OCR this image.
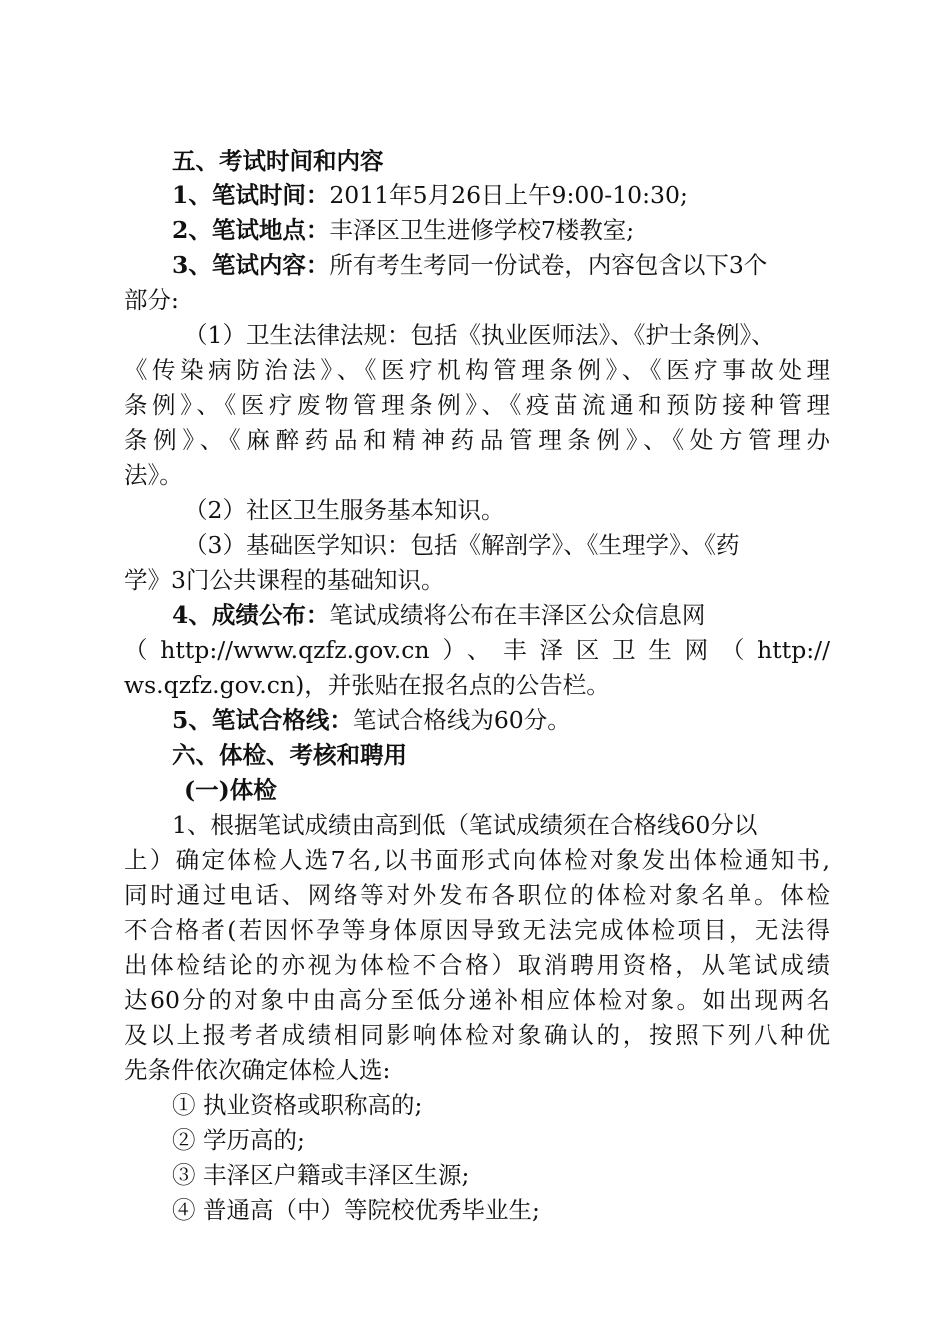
五、考试时间和内容
1、笔试时间：2011年5月26日上午9:00-10:30;
2、笔试地点：丰泽区卫生进修学校7楼教室;
3、笔试内容：所有考生考同一份试卷，内容包含以下3个
部分:
（1）卫生法律法规：包括《执业医师法》、《护士条例》、
《传染病防治法》、《医疗机构管理条例》、《医疗事故处理
条例》、《医疗废物管理条例》、《疫苗流通和预防接种管理
条例》、《麻醉药品和精神药品管理条例》、《处方管理办
法》。
（2）社区卫生服务基本知识。
（3）基础医学知识：包括《解剖学》、《生理学》、《药
学》3门公共课程的基础知识。
4、成绩公布：笔试成绩将公布在丰泽区公众信息网
（http://www.qzfz.gov.cn）、丰泽区卫生网（http://
ws.qzfz.gov.cn)，并张贴在报名点的公告栏。
5、笔试合格线：笔试合格线为60分。
六、体检、考核和聘用
(一)体检
1、根据笔试成绩由高到低（笔试成绩须在合格线60分以
上）确定体检人选7名,以书面形式向体检对象发出体检通知书,
同时通过电话、网络等对外发布各职位的体检对象名单。体检
不合格者(若因怀孕等身体原因导致无法完成体检项目，无法得
出体检结论的亦视为体检不合格）取消聘用资格，从笔试成绩
达60分的对象中由高分至低分递补相应体检对象。如出现两名
及以上报考者成绩相同影响体检对象确认的，按照下列八种优
先条件依次确定体检人选:
① 执业资格或职称高的;
② 学历高的;
③ 丰泽区户籍或丰泽区生源;
④ 普通高（中）等院校优秀毕业生;
